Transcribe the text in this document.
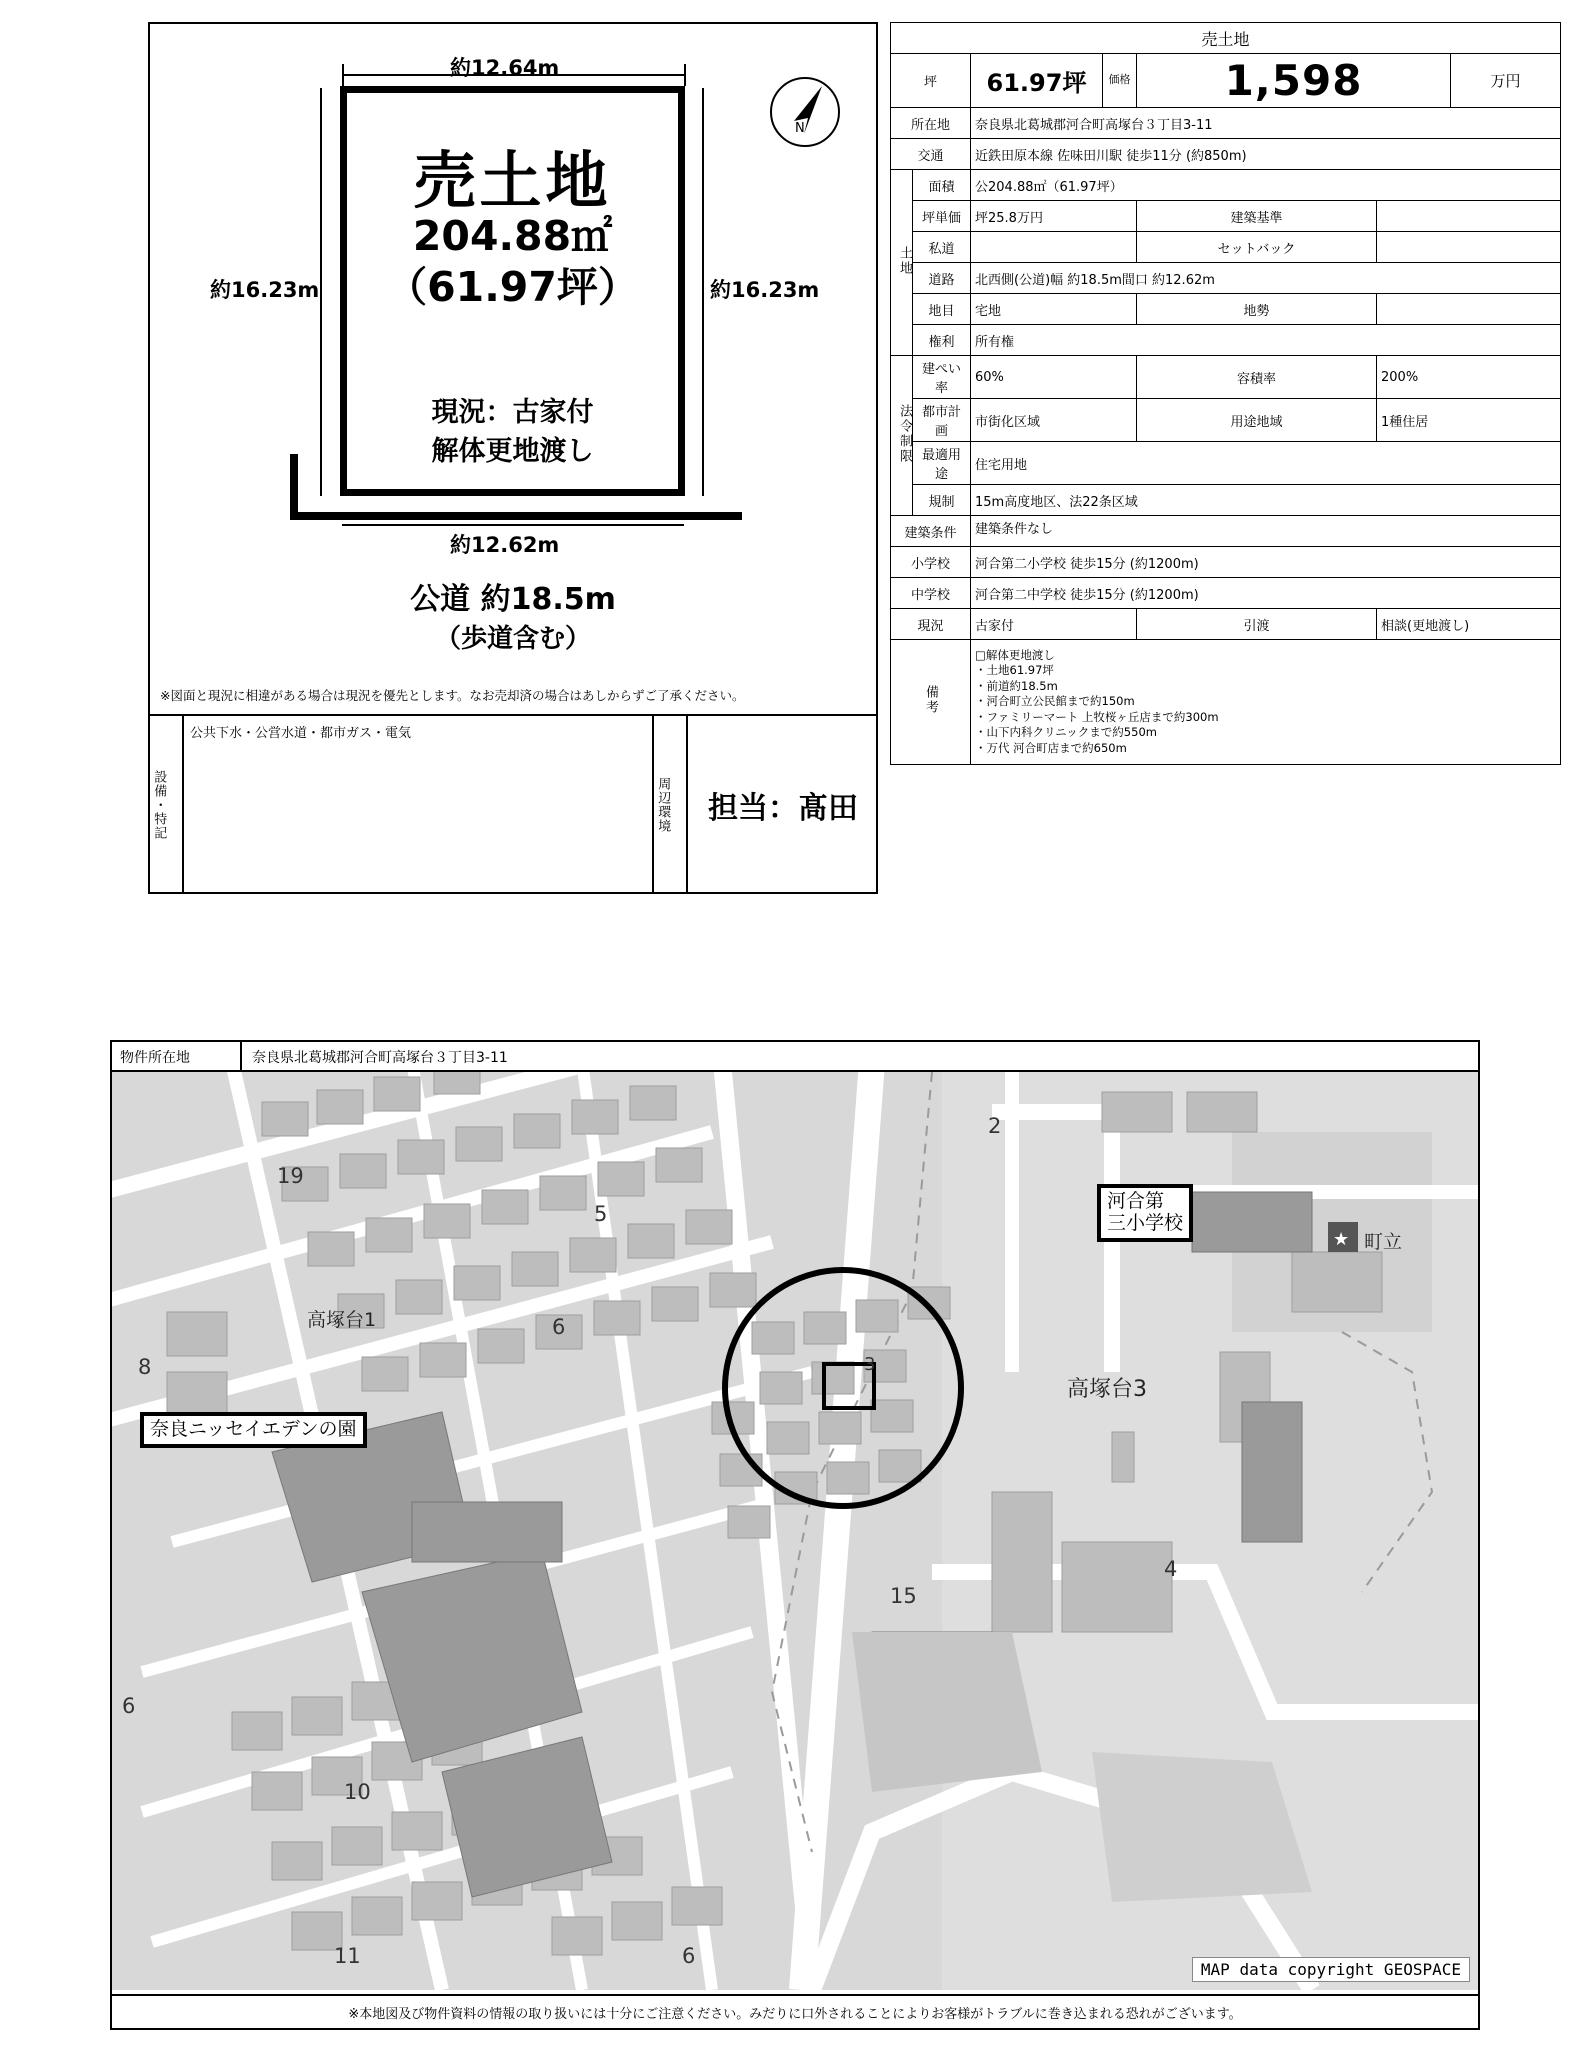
N
約12.64m
約16.23m	約16.23m
売土地
204.88㎡
（61.97坪）
現況：古家付
解体更地渡し
約12.62m
公道 約18.5m
（歩道含む）
※図面と現況に相違がある場合は現況を優先とします。なお売却済の場合はあしからずご了承ください。
設備・特記
公共下水・公営水道・都市ガス・電気
周辺環境	担当：髙田
売土地						
坪		61.97坪	価格	1,598		万円
所在地		奈良県北葛城郡河合町高塚台３丁目3-11				
交通		近鉄田原本線 佐味田川駅 徒歩11分 (約850m)				
土地	面積	公204.88㎡（61.97坪）				
	坪単価	坪25.8万円		建築基準		
	私道			セットバック		
	道路	北西側(公道)幅 約18.5m間口 約12.62m				
	地目	宅地		地勢		
	権利	所有権				
法令制限	建ぺい率	60%		容積率	200%	
	都市計画	市街化区域		用途地域	1種住居	
	最適用途	住宅用地				
	規制	15m高度地区、法22条区域				
建築条件		建築条件なし				
小学校		河合第二小学校 徒歩15分 (約1200m)				
中学校		河合第二中学校 徒歩15分 (約1200m)				
現況		古家付		引渡	相談(更地渡し)	
備考	
□解体更地渡し
・土地61.97坪
・前道約18.5m
・河合町立公民館まで約150m
・ファミリーマート 上牧桜ヶ丘店まで約300m
・山下内科クリニックまで約550m
・万代 河合町店まで約650m
物件所在地	奈良県北葛城郡河合町高塚台３丁目3-11
★
河合第
三小学校
奈良ニッセイエデンの園
高塚台1
高塚台3
町立
19
5
6
2
8	3
4
15
6
10
11	6
MAP data copyright GEOSPACE
※本地図及び物件資料の情報の取り扱いには十分にご注意ください。みだりに口外されることによりお客様がトラブルに巻き込まれる恐れがございます。
